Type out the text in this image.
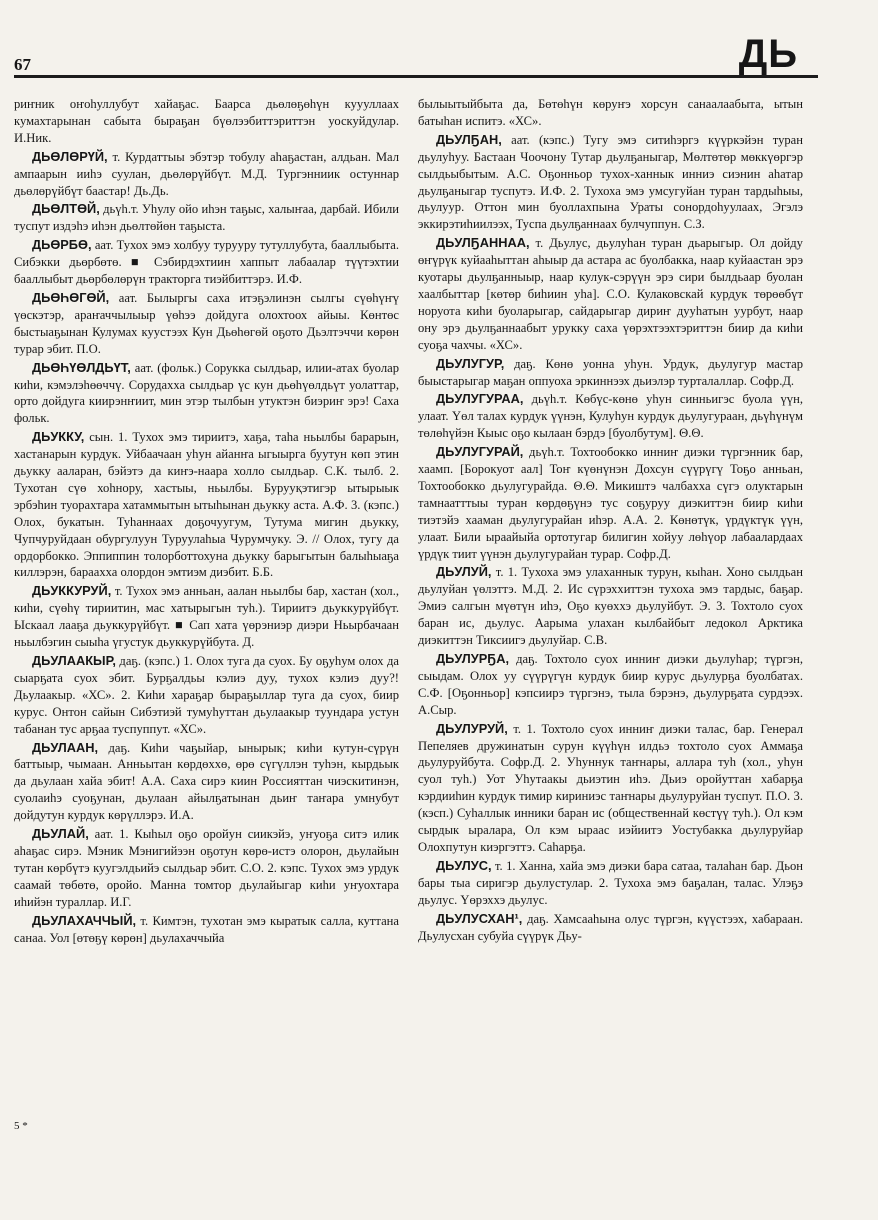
67	ДЬ

риҥник оҥоһуллубут хайаҕас. Баарса дьөлөҕөһүн куууллаах кумахтарынан сабыта быраҕан бүөлээбиттэриттэн уоскуйдулар. И.Ник.

ДЬӨЛӨРҮЙ, т. Курдаттыы эбэтэр тобулу аһаҕастан, алдьан. Мал ампаарын ииһэ суулан, дьөлөрүйбүт. М.Д. Тургэнниик остуннар дьөлөрүйбүт баастар! Дь.Дь.

ДЬӨЛТӨЙ, дьүһ.т. Уһулу ойо иһэн таҕыс, халыҥаа, дарбай. Ибили туспут издэһэ иһэн дьөлтөйөн таҕыста.

ДЬӨРБӨ, аат. Тухох эмэ холбуу турууру тутуллубута, бааллыбыта. Сибэкки дьөрбөтө. ■ Сэбирдэхтиин хаппыт лабаалар түүтэхтии бааллыбыт дьөрбөлөрүн тракторга тиэйбиттэрэ. И.Ф.

ДЬӨҺӨГӨЙ, аат. Былыргы саха итэҕэлинэн сылгы сүөһүҥү үөскэтэр, араҥаччылыыр үөһээ дойдуга олохтоох айыы. Көнтөс быстыаҕынан Кулумах куустээх Кун Дьөһөгөй оҕото Дьэлтэччи көрөн турар эбит. П.О.

ДЬӨҺҮӨЛДЬҮТ, аат. (фольк.) Сорукка сылдьар, илии-атах буолар киһи, кэмэлэһөөччү. Сорудахха сылдьар үс кун дьөһүөлдьүт уолаттар, орто дойдуга киирэнҥиит, мин этэр тылбын утуктэн биэриҥ эрэ! Саха фольк.

ДЬУККУ, сын. 1. Тухох эмэ тириитэ, хаҕа, таһа ньылбы барарын, хастанарын курдук. Уйбаачаан уһун айанҥа ыгыырга буутун көп этин дьукку ааларан, бэйэтэ да киҥэ-наара холло сылдьар. С.К. тылб. 2. Тухотан сүө хоһнору, хастыы, ньылбы. Бурууқэтигэр ытырыык эрбэһин туорахтара хатаммытын ытыһынан дьукку аста. А.Ф. 3. (кэпс.) Олох, букатын. Туһаннаах доҕочуугум, Тутума мигин дьукку, Чупчуруйдаан обургулуун Туруулаһыа Чурумчуку. Э. // Олох, тугу да ордорбокко. Эппиппин толорботтохуна дьукку барыгытын балыһыаҕа киллэрэн, бараахха олордон эмтиэм диэбит. Б.Б.

ДЬУККУРУЙ, т. Тухох эмэ анньан, аалан ньылбы бар, хастан (хол., киһи, сүөһү тириитин, мас хатырыгын туһ.). Тириитэ дьуккурүйбүт. Ыскаал лааҕа дьуккурүйбүт. ■ Сап хата үөрэниэр диэри Ньырбачаан ньылбэгин сыыһа үгустук дьуккурүйбута. Д.

ДЬУЛААКЫР, даҕ. (кэпс.) 1. Олох туга да суох. Бу оҕуһум олох да сыарҕата суох эбит. Бурҕалдьы кэлиэ дуу, тухох кэлиэ дуу?! Дьулаакыр. «ХС». 2. Киһи хараҕар быраҕыллар туга да суох, биир курус. Онтон сайын Сибэтиэй тумуһуттан дьулаакыр туундара устун табанан тус арҕаа туспуппут. «ХС».

ДЬУЛААН, даҕ. Киһи чаҕыйар, ынырык; киһи кутун-сүрүн баттыыр, чымаан. Анньытан көрдөххө, өрө сүгүллэн туһэн, кырдьык да дьулаан хайа эбит! А.А. Саха сирэ киин Россияттан чиэскитинэн, суолаиһэ суоҕунан, дьулаан айылҕатынан дьиҥ таҥара умнубут дойдутун курдук көрүллэрэ. И.А.

ДЬУЛАЙ, аат. 1. Кыһыл оҕо оройун сиикэйэ, уҥуоҕа ситэ илик аһаҕас сирэ. Мэник Мэнигийээн оҕотун көрө-истэ олорон, дьулайын тутан көрбүтэ куугэлдьийэ сылдьар эбит. С.О. 2. кэпс. Тухох эмэ урдук саамай төбөтө, оройо. Манна томтор дьулайыгар киһи уҥуохтара иһийэн тураллар. И.Г.

ДЬУЛАХАЧЧЫЙ, т. Кимтэн, тухотан эмэ кыратык салла, куттана санаа. Уол [өтөҕү көрөн] дьулахаччыйа

былыытыйбыта да, Бөтөһүн көруҥэ хорсун санаалаабыта, ытын батыһан испитэ. «ХС».

ДЬУЛҔАН, аат. (кэпс.) Тугу эмэ ситиһэргэ күүркэйэн туран дьулуһуу. Бастаан Чоочону Тутар дьулҕаныгар, Мөлтөтөр мөккүөргэр сылдьыбытым. А.С. Оҕонньор тухох-ханнык инниэ сиэнин аһатар дьулҕаныгар туспутэ. И.Ф. 2. Тухоха эмэ умсугуйан туран тардыһыы, дьулуур. Оттон мин буоллахпына Ураты сонордоһуулаах, Эгэлэ эккирэтиһиилээх, Туспа дьулҕаннаах булчуппун. С.З.

ДЬУЛҔАННАА, т. Дьулус, дьулуһан туран дьарыгыр. Ол дойду өҥүрүк куйааһыттан аһыыр да астара ас буолбакка, наар куйаастан эрэ куотары дьулҕанныыр, наар кулук-сэрүүн эрэ сири былдьаар буолан хаалбыттар [көтөр биһиин уһа]. С.О. Кулаковскай курдук төрөөбүт норуота киһи буоларыгар, сайдарыгар дириҥ дууһатын уурбут, наар ону эрэ дьулҕаннаабыт урукку саха үөрэхтээхтэриттэн биир да киһи суоҕа чахчы. «ХС».

ДЬУЛУГУР, даҕ. Көнө уонна уһун. Урдук, дьулугур мастар быыстарыгар маҕан оппуоха эркиннээх дьиэлэр турталаллар. Софр.Д.

ДЬУЛУГУРАА, дьүһ.т. Көбүс-көнө уһун синньигэс буола үүн, улаат. Үөл талах курдук үүнэн, Кулуһун курдук дьулугураан, дьүһүнүм төлөһүйэн Кыыс оҕо кылаан бэрдэ [буолбутум]. Θ.Θ.

ДЬУЛУГУРАЙ, дьүһ.т. Тохтообокко инниҥ диэки түргэнник бар, хаамп. [Борокуот аал] Тоҥ күөнүнэн Дохсун сүүрүгү Тоҕо анньан, Тохтообокко дьулугурайда. Θ.Θ. Микиштэ чалбахха сүгэ олуктарын тамнаатттыы туран көрдөҕүнэ тус соҕуруу диэкиттэн биир киһи тиэтэйэ хааман дьулугурайан иһэр. А.А. 2. Көнөтүк, үрдүктүк үүн, улаат. Били ыраайыйа ортотугар билигин хойуу лөһүор лабаалардаах үрдүк тиит үүнэн дьулугурайан турар. Софр.Д.

ДЬУЛУЙ, т. 1. Тухоха эмэ улаханнык турун, кыһан. Хоно сылдьан дьулуйан үөлэттэ. М.Д. 2. Ис сүрэххиттэн тухоха эмэ тардыс, баҕар. Эмиэ салгын мүөтүн иһэ, Оҕо куөххэ дьулуйбут. Э. 3. Тохтоло суох баран ис, дьулус. Аарыма улахан кылбайбыт ледокол Арктика диэкиттэн Тиксиигэ дьулуйар. С.В.

ДЬУЛУРҔА, даҕ. Тохтоло суох инниҥ диэки дьулуһар; түргэн, сыыдам. Олох уу сүүрүгүн курдук биир курус дьулурҕа буолбатах. С.Ф. [Оҕонньор] кэпсиирэ түргэнэ, тыла бэрэнэ, дьулурҕата сурдээх. А.Сыр.

ДЬУЛУРУЙ, т. 1. Тохтоло суох инниҥ диэки талас, бар. Генерал Пепеляев дружинатын сурун күүһүн илдьэ тохтоло суох Аммаҕа дьулуруйбута. Софр.Д. 2. Уһуннук таҥнары, аллара туһ (хол., уһун суол туһ.) Уот Уһутаакы дьиэтин иһэ. Дьиэ оройуттан хабарҕа кэрдииһин курдук тимир кириниэс таҥнары дьулуруйан туспут. П.О. 3. (кэсп.) Суһаллык инники баран ис (общественнай көстүү туһ.). Ол кэм сырдык ыралара, Ол кэм ыраас иэйиитэ Уостубакка дьулуруйар Олохпутун киэргэттэ. Саһарҕа.

ДЬУЛУС, т. 1. Ханна, хайа эмэ диэки бара сатаа, талаһан бар. Дьон бары тыа сиригэр дьулустулар. 2. Тухоха эмэ баҕалан, талас. Улэҕэ дьулус. Үөрэххэ дьулус.

ДЬУЛУСХАН¹, даҕ. Хамсааһына олус түргэн, күүстээх, хабараан. Дьулусхан субуйа сүүрүк Дьу-

5 *
